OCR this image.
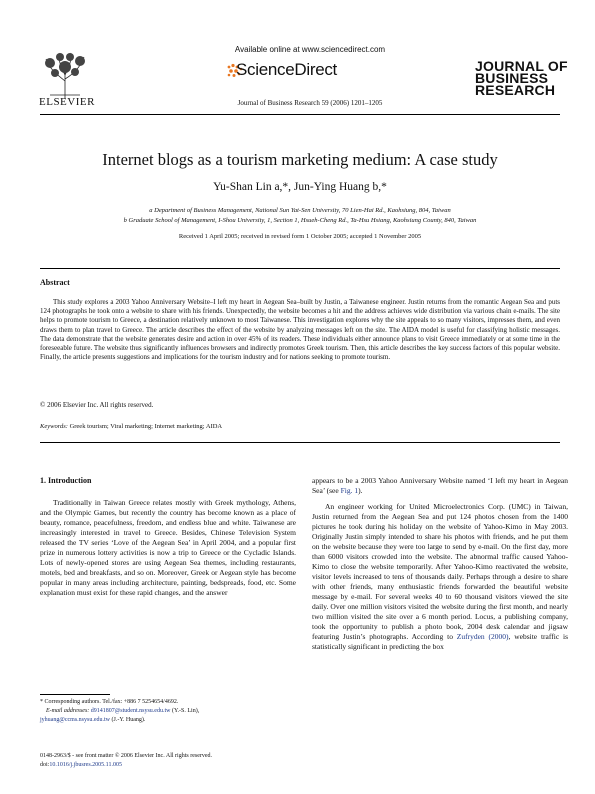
ELSEVIER
Available online at www.sciencedirect.com
ScienceDirect
Journal of Business Research 59 (2006) 1201–1205
JOURNAL OF
BUSINESS
RESEARCH
Internet blogs as a tourism marketing medium: A case study
Yu-Shan Lin a,*, Jun-Ying Huang b,*
a Department of Business Management, National Sun Yat-Sen University, 70 Lien-Hai Rd., Kaohsiung, 804, Taiwan
b Graduate School of Management, I-Shou University, 1, Section 1, Hsueh-Cheng Rd., Ta-Hsu Hsiang, Kaohsiung County, 840, Taiwan
Received 1 April 2005; received in revised form 1 October 2005; accepted 1 November 2005
Abstract

This study explores a 2003 Yahoo Anniversary Website–I left my heart in Aegean Sea–built by Justin, a Taiwanese engineer. Justin returns from the romantic Aegean Sea and puts 124 photographs he took onto a website to share with his friends. Unexpectedly, the website becomes a hit and the address achieves wide distribution via various chain e-mails. The site helps to promote tourism to Greece, a destination relatively unknown to most Taiwanese. This investigation explores why the site appeals to so many visitors, impresses them, and even draws them to plan travel to Greece. The article describes the effect of the website by analyzing messages left on the site. The AIDA model is useful for classifying holistic messages. The data demonstrate that the website generates desire and action in over 45% of its readers. These individuals either announce plans to visit Greece immediately or at some time in the foreseeable future. The website thus significantly influences browsers and indirectly promotes Greek tourism. Then, this article describes the key success factors of this popular website. Finally, the article presents suggestions and implications for the tourism industry and for nations seeking to promote tourism.

© 2006 Elsevier Inc. All rights reserved.
Keywords: Greek tourism; Viral marketing; Internet marketing; AIDA
1. Introduction

Traditionally in Taiwan Greece relates mostly with Greek mythology, Athens, and the Olympic Games, but recently the country has become known as a place of beauty, romance, peacefulness, freedom, and endless blue and white. Taiwanese are increasingly interested in travel to Greece. Besides, Chinese Television System released the TV series ‘Love of the Aegean Sea’ in April 2004, and a popular first prize in numerous lottery activities is now a trip to Greece or the Cycladic Islands. Lots of newly-opened stores are using Aegean Sea themes, including restaurants, motels, bed and breakfasts, and so on. Moreover, Greek or Aegean style has become popular in many areas including architecture, painting, bedspreads, food, etc. Some explanation must exist for these rapid changes, and the answer

appears to be a 2003 Yahoo Anniversary Website named ‘I left my heart in Aegean Sea’ (see Fig. 1).

An engineer working for United Microelectronics Corp. (UMC) in Taiwan, Justin returned from the Aegean Sea and put 124 photos chosen from the 1400 pictures he took during his holiday on the website of Yahoo-Kimo in May 2003. Originally Justin simply intended to share his photos with friends, and he put them on the website because they were too large to send by e-mail. On the first day, more than 6000 visitors crowded into the website. The abnormal traffic caused Yahoo-Kimo to close the website temporarily. After Yahoo-Kimo reactivated the website, visitor levels increased to tens of thousands daily. Perhaps through a desire to share with other friends, many enthusiastic friends forwarded the beautiful website message by e-mail. For several weeks 40 to 60 thousand visitors viewed the site daily. Over one million visitors visited the website during the first month, and nearly two million visited the site over a 6 month period. Locus, a publishing company, took the opportunity to publish a photo book, 2004 desk calendar and jigsaw featuring Justin’s photographs. According to Zufryden (2000), website traffic is statistically significant in predicting the box

* Corresponding authors. Tel./fax: +886 7 5254654/4692.
E-mail addresses: d9141807@student.nsysu.edu.tw (Y.-S. Lin),
jyhuang@ccms.nsysu.edu.tw (J.-Y. Huang).
0148-2963/$ - see front matter © 2006 Elsevier Inc. All rights reserved.
doi:10.1016/j.jbusres.2005.11.005
